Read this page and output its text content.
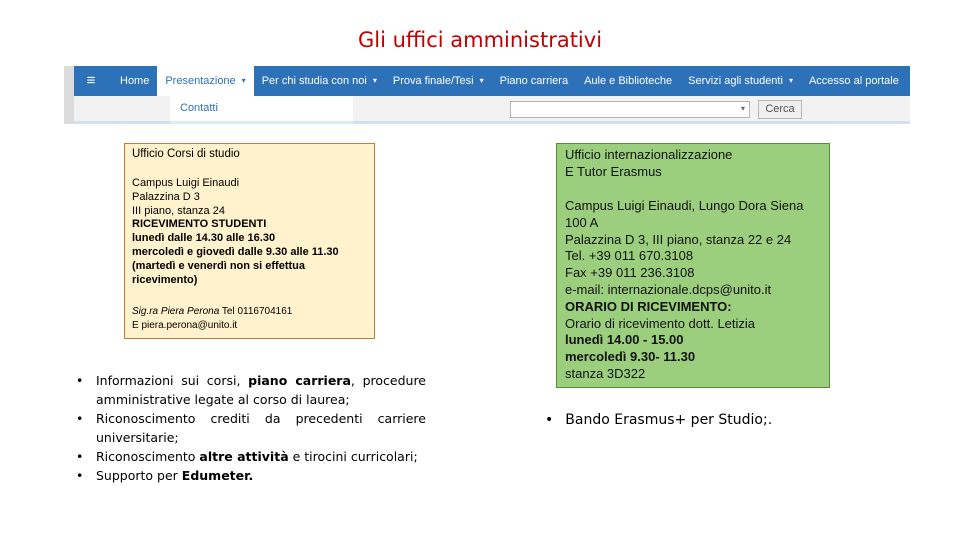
Gli uffici amministrativi
≡	Home Presentazione ▾ Per chi studia con noi ▾ Prova finale/Tesi ▾ Piano carriera Aule e Biblioteche Servizi agli studenti ▾ Accesso al portale
Contatti	▾	Cerca
Ufficio Corsi di studio
Campus Luigi Einaudi
Palazzina D 3
III piano, stanza 24
RICEVIMENTO STUDENTI
lunedì dalle 14.30 alle 16.30
mercoledì e giovedì dalle 9.30 alle 11.30
(martedì e venerdì non si effettua
ricevimento)
Sig.ra Piera Perona Tel 0116704161
E piera.perona@unito.it
Ufficio internazionalizzazione
E Tutor Erasmus
Campus Luigi Einaudi, Lungo Dora Siena
100 A
Palazzina D 3, III piano, stanza 22 e 24
Tel. +39 011 670.3108
Fax +39 011 236.3108
e-mail: internazionale.dcps@unito.it
ORARIO DI RICEVIMENTO:
Orario di ricevimento dott. Letizia
lunedì 14.00 - 15.00
mercoledì 9.30- 11.30
stanza 3D322
• Informazioni sui corsi, piano carriera, procedure amministrative legate al corso di laurea;
• Riconoscimento crediti da precedenti carriere universitarie;
• Riconoscimento altre attività e tirocini curricolari;
• Supporto per Edumeter.
• Bando Erasmus+ per Studio;.
